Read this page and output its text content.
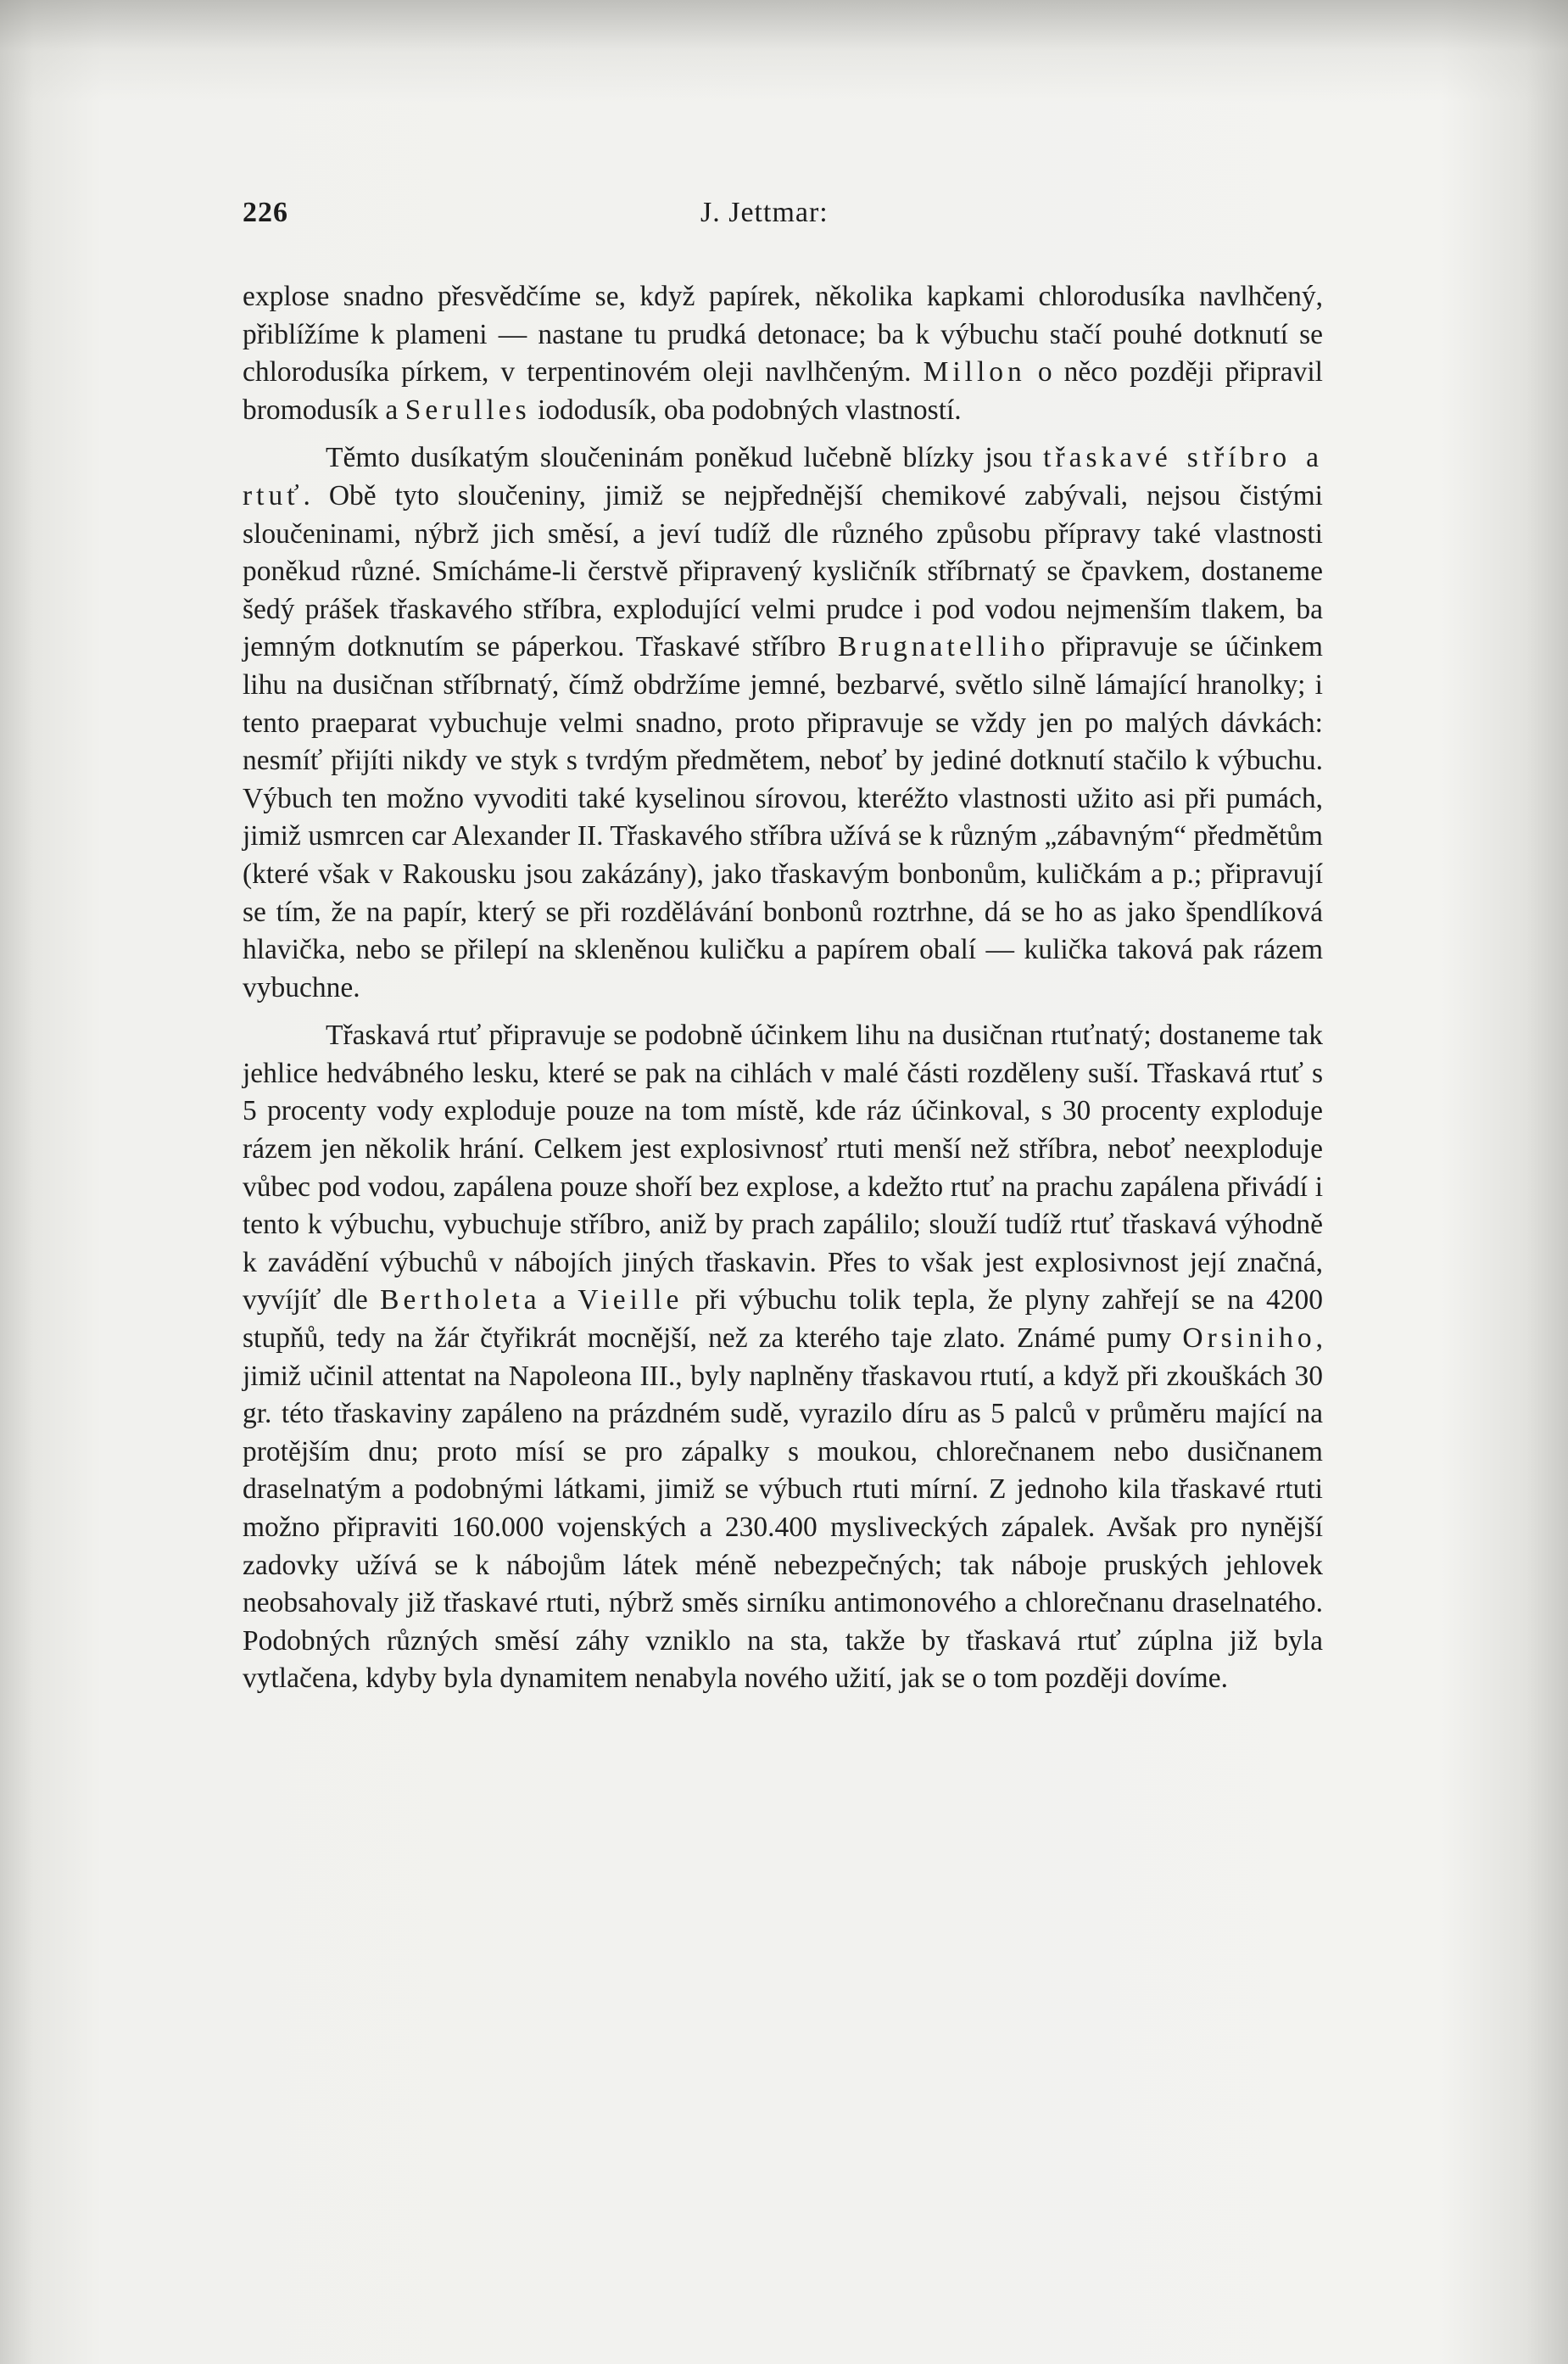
226	J. Jettmar:

explose snadno přesvědčíme se, když papírek, několika kapkami chlorodusíka navlhčený, přiblížíme k plameni — nastane tu prudká detonace; ba k výbuchu stačí pouhé dotknutí se chlorodusíka pírkem, v terpentinovém oleji navlhčeným. Millon o něco později připravil bromodusík a Serulles iododusík, oba podobných vlastností.

Těmto dusíkatým sloučeninám poněkud lučebně blízky jsou třaskavé stříbro a rtuť. Obě tyto sloučeniny, jimiž se nejpřednější chemikové zabývali, nejsou čistými sloučeninami, nýbrž jich směsí, a jeví tudíž dle různého způsobu přípravy také vlastnosti poněkud různé. Smícháme-li čerstvě připravený kysličník stříbrnatý se čpavkem, dostaneme šedý prášek třaskavého stříbra, explodující velmi prudce i pod vodou nejmenším tlakem, ba jemným dotknutím se páperkou. Třaskavé stříbro Brugnatelliho připravuje se účinkem lihu na dusičnan stříbrnatý, čímž obdržíme jemné, bezbarvé, světlo silně lámající hranolky; i tento praeparat vybuchuje velmi snadno, proto připravuje se vždy jen po malých dávkách: nesmíť přijíti nikdy ve styk s tvrdým předmětem, neboť by jediné dotknutí stačilo k výbuchu. Výbuch ten možno vyvoditi také kyselinou sírovou, kteréžto vlastnosti užito asi při pumách, jimiž usmrcen car Alexander II. Třaskavého stříbra užívá se k různým „zábavným“ předmětům (které však v Rakousku jsou zakázány), jako třaskavým bonbonům, kuličkám a p.; připravují se tím, že na papír, který se při rozdělávání bonbonů roztrhne, dá se ho as jako špendlíková hlavička, nebo se přilepí na skleněnou kuličku a papírem obalí — kulička taková pak rázem vybuchne.

Třaskavá rtuť připravuje se podobně účinkem lihu na dusičnan rtuťnatý; dostaneme tak jehlice hedvábného lesku, které se pak na cihlách v malé části rozděleny suší. Třaskavá rtuť s 5 procenty vody exploduje pouze na tom místě, kde ráz účinkoval, s 30 procenty exploduje rázem jen několik hrání. Celkem jest explosivnosť rtuti menší než stříbra, neboť neexploduje vůbec pod vodou, zapálena pouze shoří bez explose, a kdežto rtuť na prachu zapálena přivádí i tento k výbuchu, vybuchuje stříbro, aniž by prach zapálilo; slouží tudíž rtuť třaskavá výhodně k zavádění výbuchů v nábojích jiných třaskavin. Přes to však jest explosivnost její značná, vyvíjíť dle Bertholeta a Vieille při výbuchu tolik tepla, že plyny zahřejí se na 4200 stupňů, tedy na žár čtyřikrát mocnější, než za kterého taje zlato. Známé pumy Orsiniho, jimiž učinil attentat na Napoleona III., byly naplněny třaskavou rtutí, a když při zkouškách 30 gr. této třaskaviny zapáleno na prázdném sudě, vyrazilo díru as 5 palců v průměru mající na protějším dnu; proto mísí se pro zápalky s moukou, chlorečnanem nebo dusičnanem draselnatým a podobnými látkami, jimiž se výbuch rtuti mírní. Z jednoho kila třaskavé rtuti možno připraviti 160.000 vojenských a 230.400 mysliveckých zápalek. Avšak pro nynější zadovky užívá se k nábojům látek méně nebezpečných; tak náboje pruských jehlovek neobsahovaly již třaskavé rtuti, nýbrž směs sirníku antimonového a chlorečnanu draselnatého. Podobných různých směsí záhy vzniklo na sta, takže by třaskavá rtuť zúplna již byla vytlačena, kdyby byla dynamitem nenabyla nového užití, jak se o tom později dovíme.
